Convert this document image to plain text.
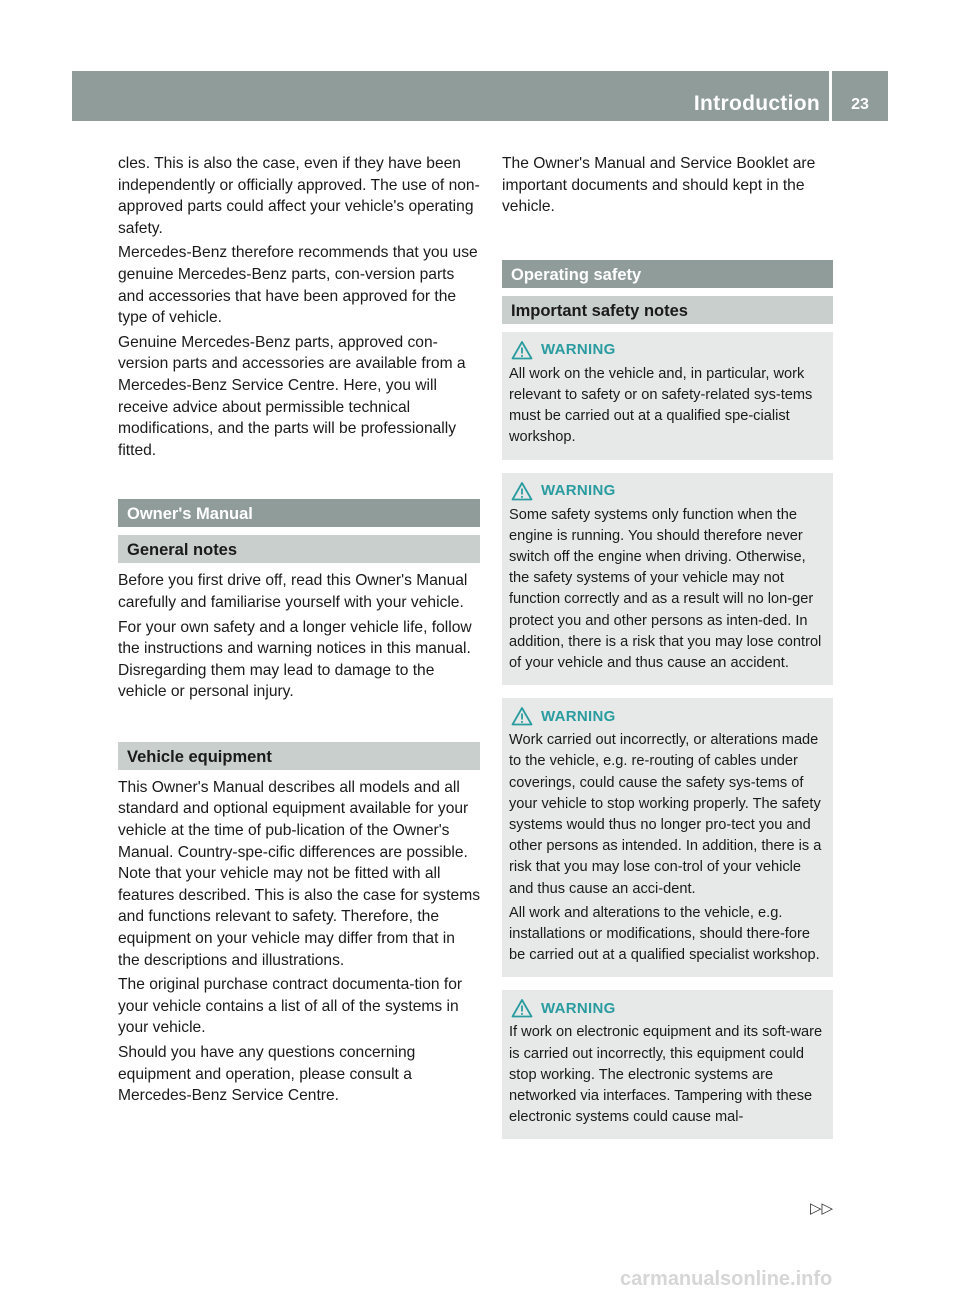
Introduction	23

cles. This is also the case, even if they have been independently or officially approved. The use of non-approved parts could affect your vehicle's operating safety.

Mercedes-Benz therefore recommends that you use genuine Mercedes-Benz parts, con-version parts and accessories that have been approved for the type of vehicle.

Genuine Mercedes-Benz parts, approved con-version parts and accessories are available from a Mercedes-Benz Service Centre. Here, you will receive advice about permissible technical modifications, and the parts will be professionally fitted.

Owner's Manual
General notes

Before you first drive off, read this Owner's Manual carefully and familiarise yourself with your vehicle.

For your own safety and a longer vehicle life, follow the instructions and warning notices in this manual. Disregarding them may lead to damage to the vehicle or personal injury.

Vehicle equipment

This Owner's Manual describes all models and all standard and optional equipment available for your vehicle at the time of pub-lication of the Owner's Manual. Country-spe-cific differences are possible. Note that your vehicle may not be fitted with all features described. This is also the case for systems and functions relevant to safety. Therefore, the equipment on your vehicle may differ from that in the descriptions and illustrations.

The original purchase contract documenta-tion for your vehicle contains a list of all of the systems in your vehicle.

Should you have any questions concerning equipment and operation, please consult a Mercedes-Benz Service Centre.

The Owner's Manual and Service Booklet are important documents and should kept in the vehicle.

Operating safety
Important safety notes
WARNING

All work on the vehicle and, in particular, work relevant to safety or on safety-related sys-tems must be carried out at a qualified spe-cialist workshop.

WARNING

Some safety systems only function when the engine is running. You should therefore never switch off the engine when driving. Otherwise, the safety systems of your vehicle may not function correctly and as a result will no lon-ger protect you and other persons as inten-ded. In addition, there is a risk that you may lose control of your vehicle and thus cause an accident.

WARNING

Work carried out incorrectly, or alterations made to the vehicle, e.g. re-routing of cables under coverings, could cause the safety sys-tems of your vehicle to stop working properly. The safety systems would thus no longer pro-tect you and other persons as intended. In addition, there is a risk that you may lose con-trol of your vehicle and thus cause an acci-dent.

All work and alterations to the vehicle, e.g. installations or modifications, should there-fore be carried out at a qualified specialist workshop.

WARNING

If work on electronic equipment and its soft-ware is carried out incorrectly, this equipment could stop working. The electronic systems are networked via interfaces. Tampering with these electronic systems could cause mal-

▷▷
carmanualsonline.info
